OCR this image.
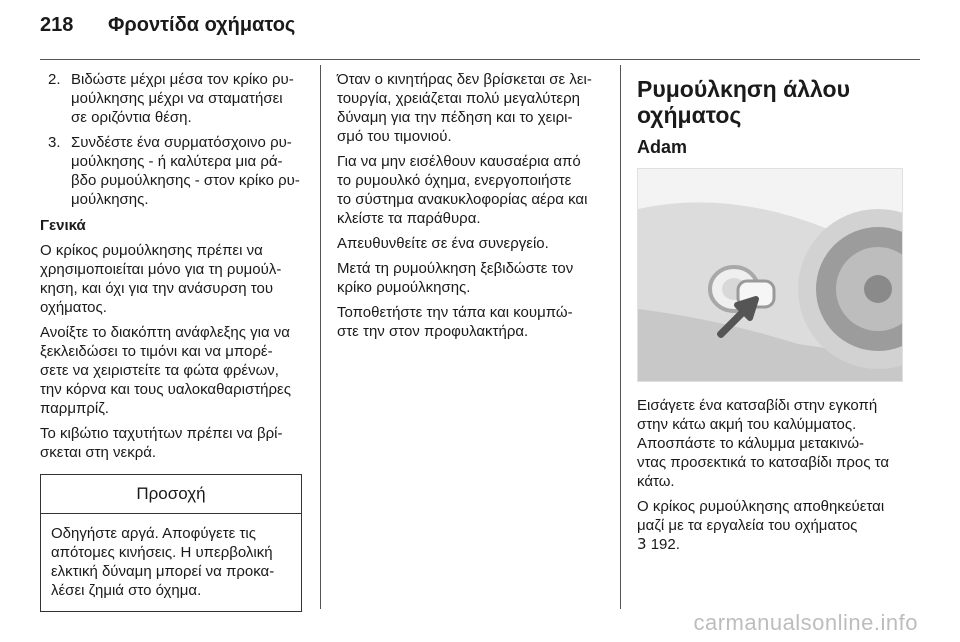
218 Φροντίδα οχήματος
2. Βιδώστε μέχρι μέσα τον κρίκο ρυ-
μούλκησης μέχρι να σταματήσει
σε οριζόντια θέση.
3. Συνδέστε ένα συρματόσχοινο ρυ-
μούλκησης - ή καλύτερα μια ρά-
βδο ρυμούλκησης - στον κρίκο ρυ-
μούλκησης.

Γενικά

Ο κρίκος ρυμούλκησης πρέπει να
χρησιμοποιείται μόνο για τη ρυμούλ-
κηση, και όχι για την ανάσυρση του
οχήματος.

Ανοίξτε το διακόπτη ανάφλεξης για να
ξεκλειδώσει το τιμόνι και να μπορέ-
σετε να χειριστείτε τα φώτα φρένων,
την κόρνα και τους υαλοκαθαριστήρες
παρμπρίζ.

Το κιβώτιο ταχυτήτων πρέπει να βρί-
σκεται στη νεκρά.

Προσοχή
Οδηγήστε αργά. Αποφύγετε τις
απότομες κινήσεις. Η υπερβολική
ελκτική δύναμη μπορεί να προκα-
λέσει ζημιά στο όχημα.

Όταν ο κινητήρας δεν βρίσκεται σε λει-
τουργία, χρειάζεται πολύ μεγαλύτερη
δύναμη για την πέδηση και το χειρι-
σμό του τιμονιού.

Για να μην εισέλθουν καυσαέρια από
το ρυμουλκό όχημα, ενεργοποιήστε
το σύστημα ανακυκλοφορίας αέρα και
κλείστε τα παράθυρα.

Απευθυνθείτε σε ένα συνεργείο.

Μετά τη ρυμούλκηση ξεβιδώστε τον
κρίκο ρυμούλκησης.

Τοποθετήστε την τάπα και κουμπώ-
στε την στον προφυλακτήρα.

Ρυμούλκηση άλλου
οχήματος
Adam

Εισάγετε ένα κατσαβίδι στην εγκοπή
στην κάτω ακμή του καλύμματος.
Αποσπάστε το κάλυμμα μετακινώ-
ντας προσεκτικά το κατσαβίδι προς τα
κάτω.

Ο κρίκος ρυμούλκησης αποθηκεύεται
μαζί με τα εργαλεία του οχήματος
3 192.

carmanualsonline.info
